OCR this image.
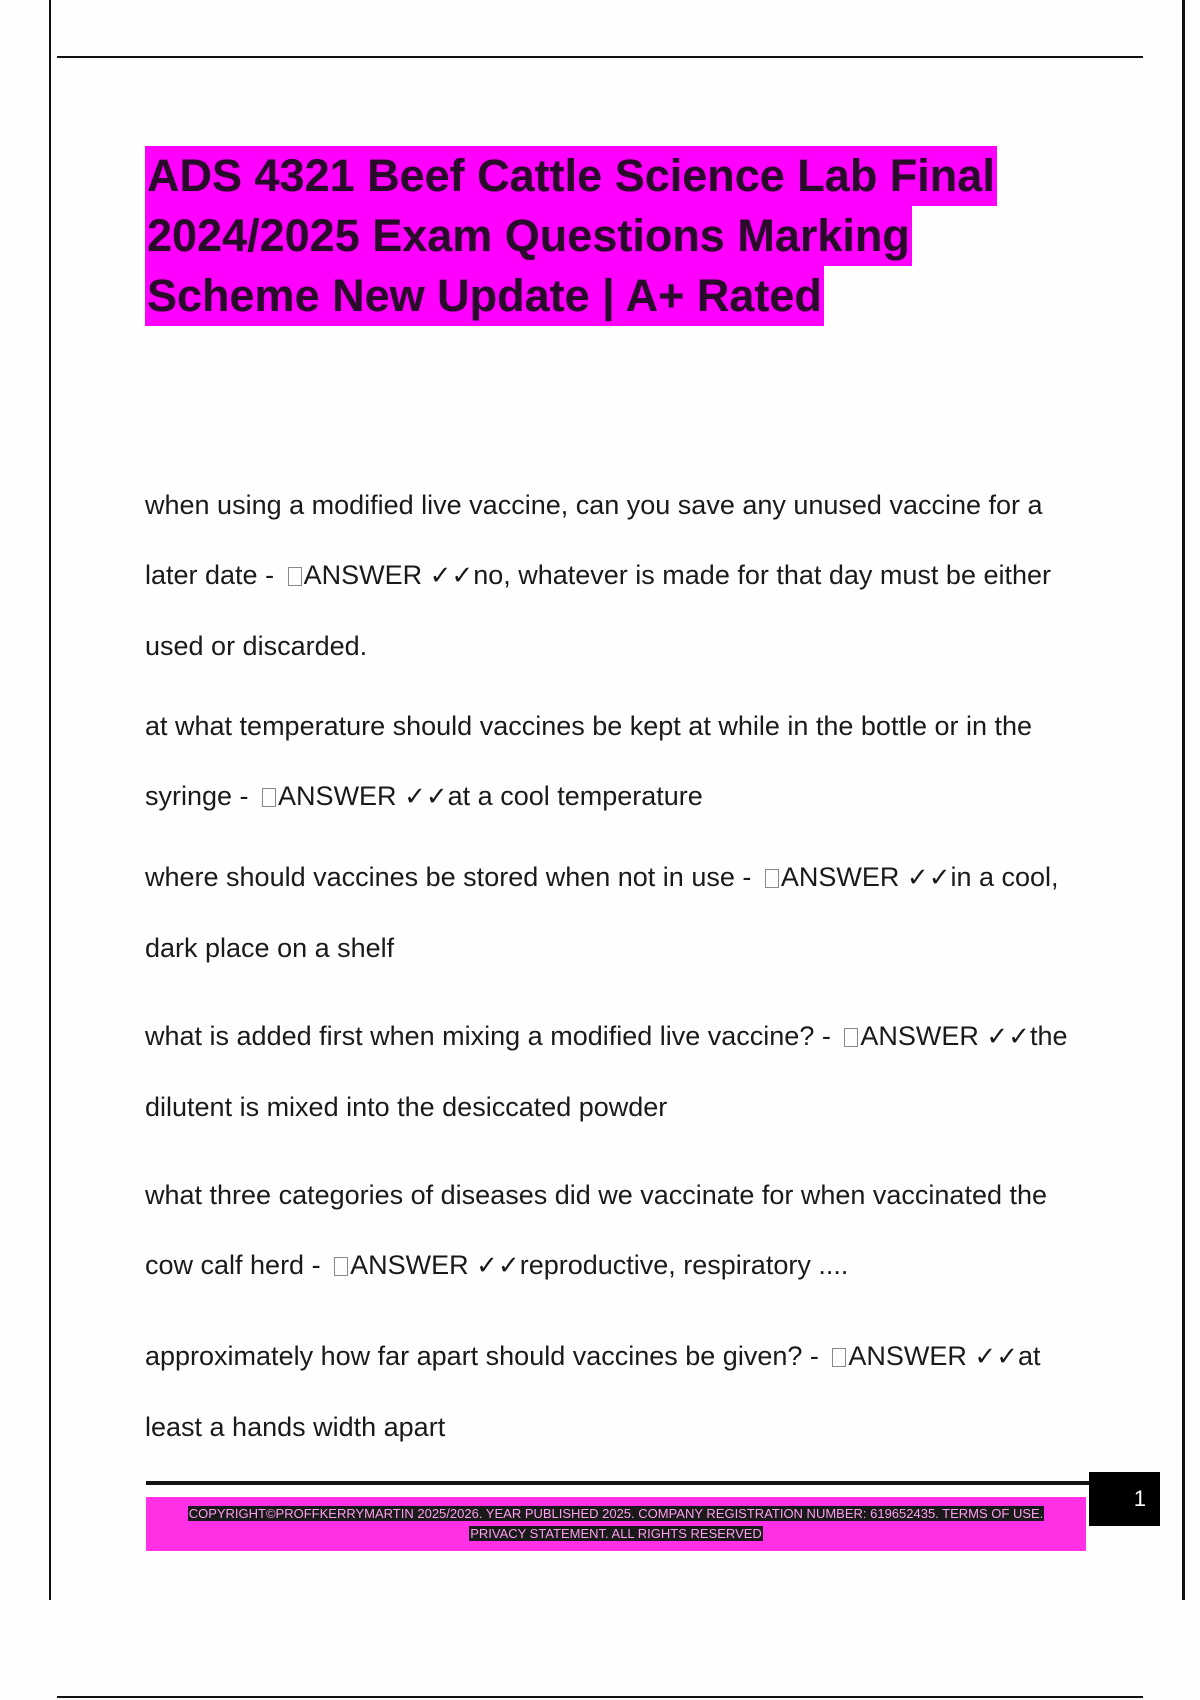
ADS 4321 Beef Cattle Science Lab Final
2024/2025 Exam Questions Marking
Scheme New Update | A+ Rated
when using a modified live vaccine, can you save any unused vaccine for a later date - ANSWER ✓✓no, whatever is made for that day must be either used or discarded.
at what temperature should vaccines be kept at while in the bottle or in the syringe - ANSWER ✓✓at a cool temperature
where should vaccines be stored when not in use - ANSWER ✓✓in a cool, dark place on a shelf
what is added first when mixing a modified live vaccine? - ANSWER ✓✓the dilutent is mixed into the desiccated powder
what three categories of diseases did we vaccinate for when vaccinated the cow calf herd - ANSWER ✓✓reproductive, respiratory ....
approximately how far apart should vaccines be given? - ANSWER ✓✓at least a hands width apart
COPYRIGHT©PROFFKERRYMARTIN 2025/2026. YEAR PUBLISHED 2025. COMPANY REGISTRATION NUMBER: 619652435. TERMS OF USE.
PRIVACY STATEMENT. ALL RIGHTS RESERVED
1
